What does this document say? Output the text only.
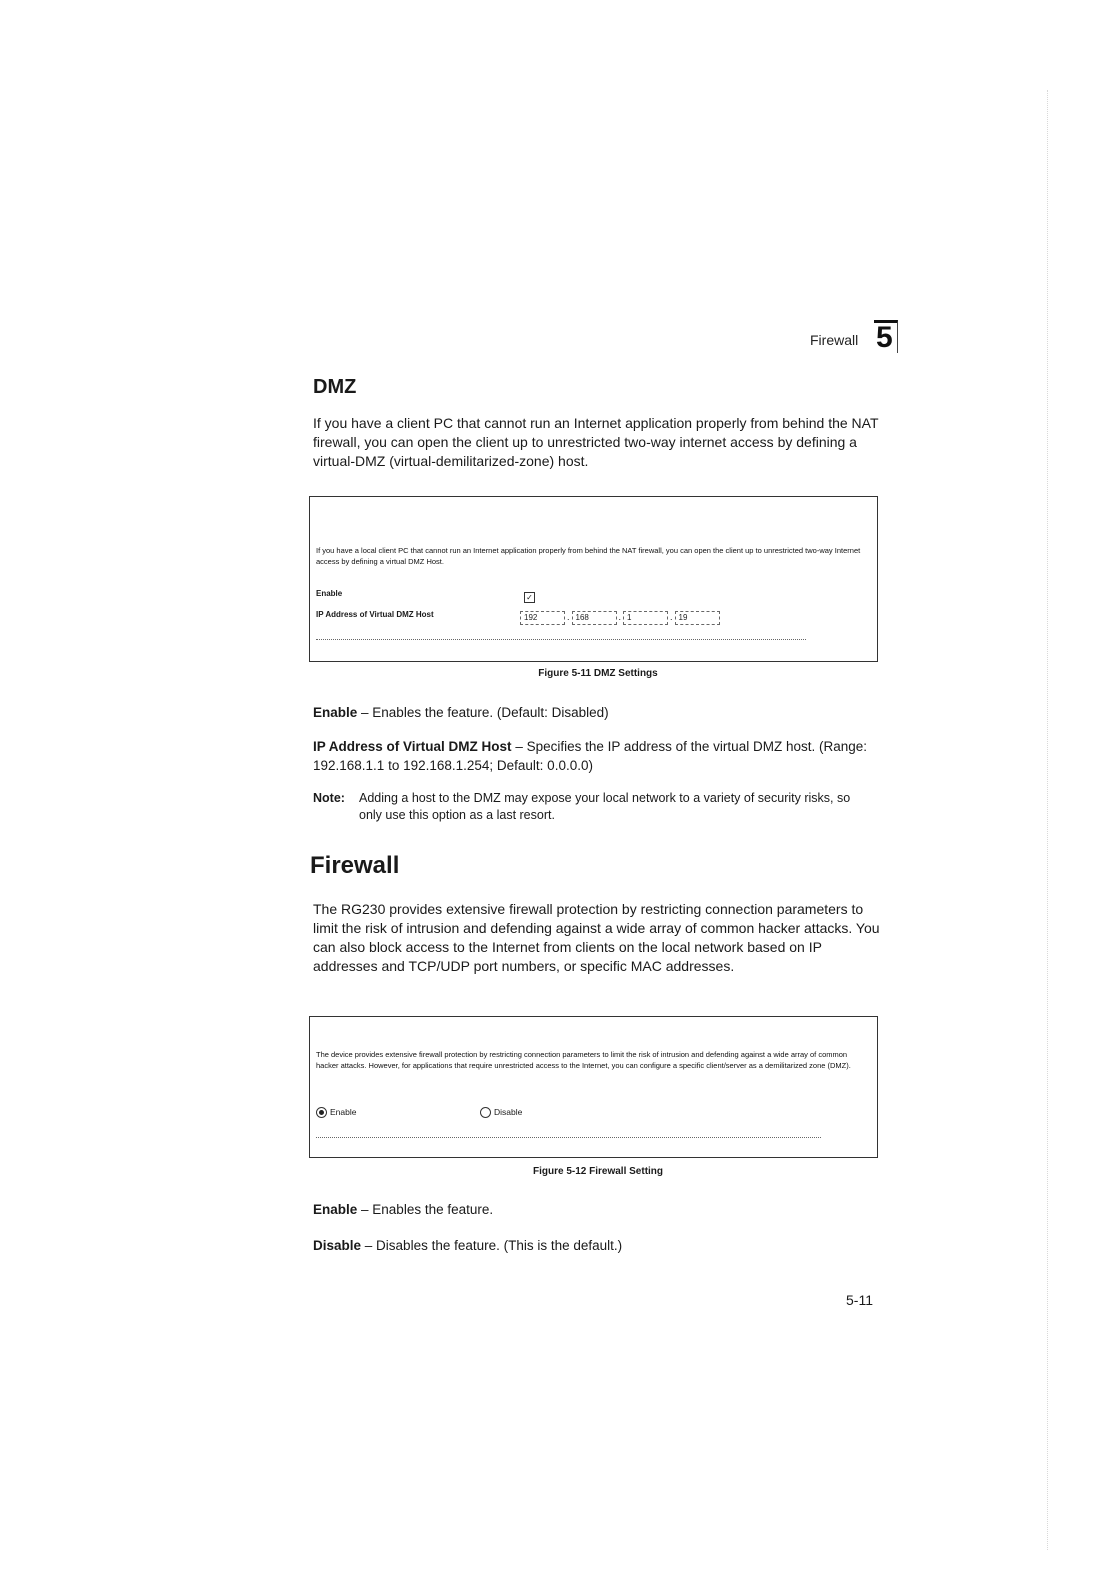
Firewall 5
DMZ
If you have a client PC that cannot run an Internet application properly from behind the NAT firewall, you can open the client up to unrestricted two-way internet access by defining a virtual-DMZ (virtual-demilitarized-zone) host.
If you have a local client PC that cannot run an Internet application properly from behind the NAT firewall, you can open the client up to unrestricted two-way Internet access by defining a virtual DMZ Host.
Enable	✓
IP Address of Virtual DMZ Host	192	. 168	. 1	. 19
Figure 5-11 DMZ Settings
Enable – Enables the feature. (Default: Disabled)
IP Address of Virtual DMZ Host – Specifies the IP address of the virtual DMZ host. (Range: 192.168.1.1 to 192.168.1.254; Default: 0.0.0.0)
Note: Adding a host to the DMZ may expose your local network to a variety of security risks, so only use this option as a last resort.
Firewall
The RG230 provides extensive firewall protection by restricting connection parameters to limit the risk of intrusion and defending against a wide array of common hacker attacks. You can also block access to the Internet from clients on the local network based on IP addresses and TCP/UDP port numbers, or specific MAC addresses.
The device provides extensive firewall protection by restricting connection parameters to limit the risk of intrusion and defending against a wide array of common hacker attacks. However, for applications that require unrestricted access to the Internet, you can configure a specific client/server as a demilitarized zone (DMZ).
Enable	Disable
Figure 5-12 Firewall Setting
Enable – Enables the feature.
Disable – Disables the feature. (This is the default.)
5-11
